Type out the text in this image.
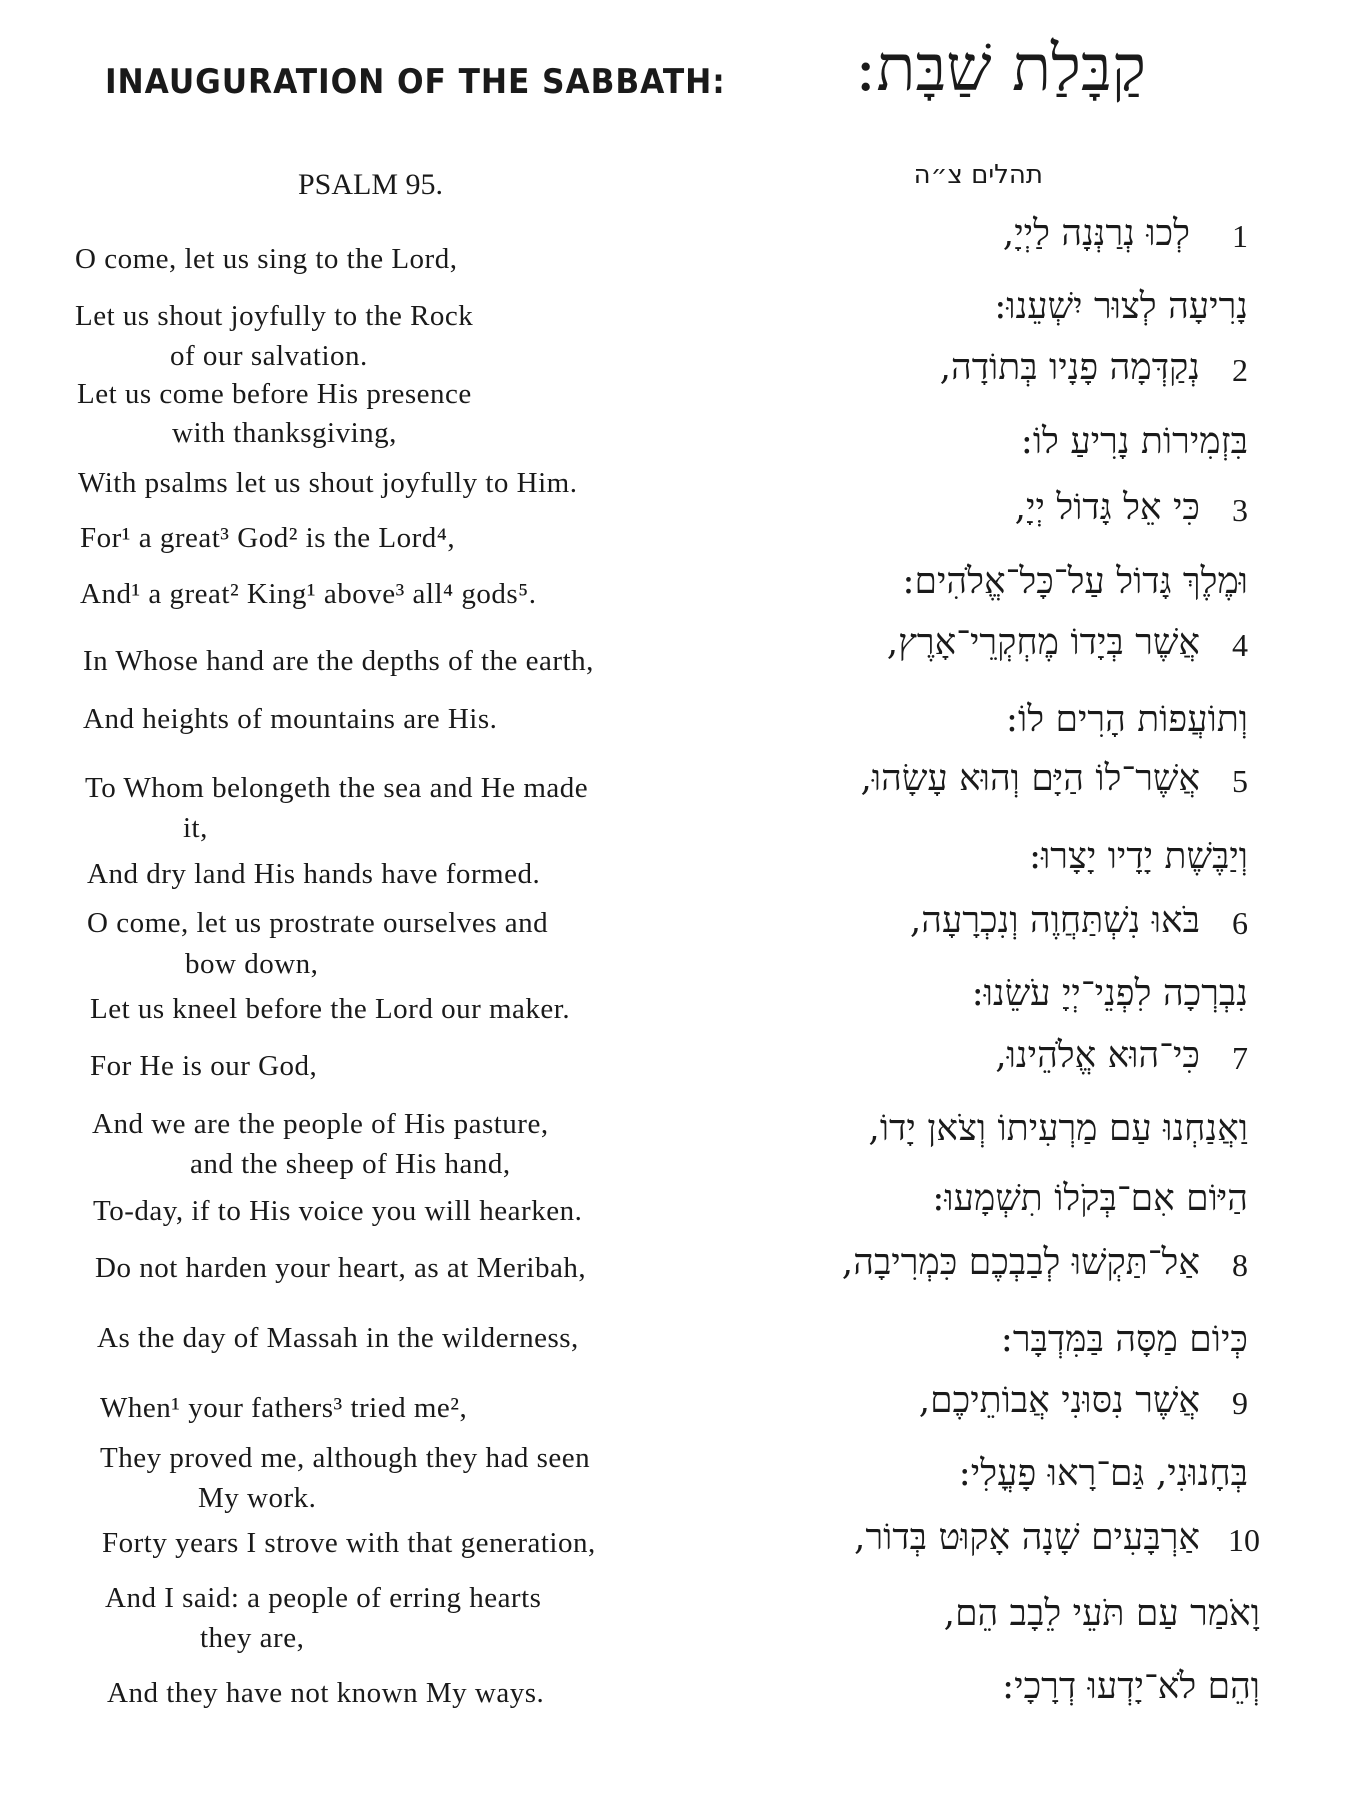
INAUGURATION OF THE SABBATH: קַבָּלַת שַׁבָּת:
PSALM 95.	תהלים צ״ה
O come, let us sing to the Lord,
Let us shout joyfully to the Rock
of our salvation.
Let us come before His presence
with thanksgiving,
With psalms let us shout joyfully to Him.
For¹ a great³ God² is the Lord⁴,
And¹ a great² King¹ above³ all⁴ gods⁵.
In Whose hand are the depths of the earth,
And heights of mountains are His.
To Whom belongeth the sea and He made
it,
And dry land His hands have formed.
O come, let us prostrate ourselves and
bow down,
Let us kneel before the Lord our maker.
For He is our God,
And we are the people of His pasture,
and the sheep of His hand,
To-day, if to His voice you will hearken.
Do not harden your heart, as at Meribah,
As the day of Massah in the wilderness,
When¹ your fathers³ tried me²,
They proved me, although they had seen
My work.
Forty years I strove with that generation,
And I said: a people of erring hearts
they are,
And they have not known My ways.
1
לְכוּ נְרַנְּנָה לַיְיָ,
נָרִיעָה לְצוּר יִשְׁעֵנוּ:
2
נְקַדְּמָה פָנָיו בְּתוֹדָה,
בִּזְמִירוֹת נָרִיעַ לוֹ:
3
כִּי אֵל גָּדוֹל יְיָ,
וּמֶלֶךְ גָּדוֹל עַל־כָּל־אֱלֹהִים:
4
אֲשֶׁר בְּיָדוֹ מֶחְקְרֵי־אָרֶץ,
וְתוֹעֲפוֹת הָרִים לוֹ:
5
אֲשֶׁר־לוֹ הַיָּם וְהוּא עָשָׂהוּ,
וְיַבֶּשֶׁת יָדָיו יָצָרוּ:
6
בֹּאוּ נִשְׁתַּחֲוֶה וְנִכְרָעָה,
נִבְרְכָה לִפְנֵי־יְיָ עֹשֵׂנוּ:
7
כִּי־הוּא אֱלֹהֵינוּ,
וַאֲנַחְנוּ עַם מַרְעִיתוֹ וְצֹאן יָדוֹ,
הַיּוֹם אִם־בְּקֹלוֹ תִשְׁמָעוּ:
8
אַל־תַּקְשׁוּ לְבַבְכֶם כִּמְרִיבָה,
כְּיוֹם מַסָּה בַּמִּדְבָּר:
9
אֲשֶׁר נִסּוּנִי אֲבוֹתֵיכֶם,
בְּחָנוּנִי, גַּם־רָאוּ פָעֳלִי:
10
אַרְבָּעִים שָׁנָה אָקוּט בְּדוֹר,
וָאֹמַר עַם תֹּעֵי לֵבָב הֵם,
וְהֵם לֹא־יָדְעוּ דְרָכָי:
